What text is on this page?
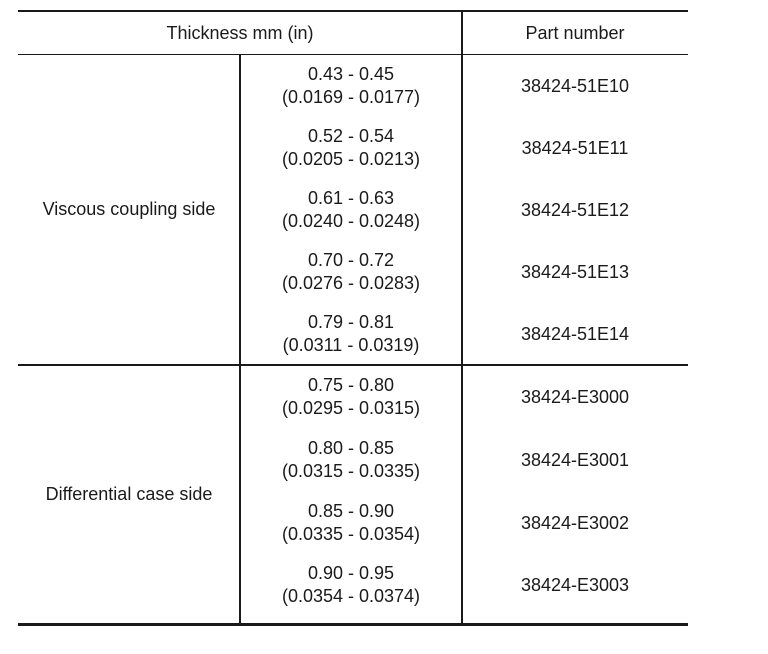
Thickness mm (in)	Part number
Viscous coupling side
0.43 - 0.45
(0.0169 - 0.0177)
38424-51E10
0.52 - 0.54
(0.0205 - 0.0213)
38424-51E11
0.61 - 0.63
(0.0240 - 0.0248)
38424-51E12
0.70 - 0.72
(0.0276 - 0.0283)
38424-51E13
0.79 - 0.81
(0.0311 - 0.0319)
38424-51E14
Differential case side
0.75 - 0.80
(0.0295 - 0.0315)
38424-E3000
0.80 - 0.85
(0.0315 - 0.0335)
38424-E3001
0.85 - 0.90
(0.0335 - 0.0354)
38424-E3002
0.90 - 0.95
(0.0354 - 0.0374)
38424-E3003
